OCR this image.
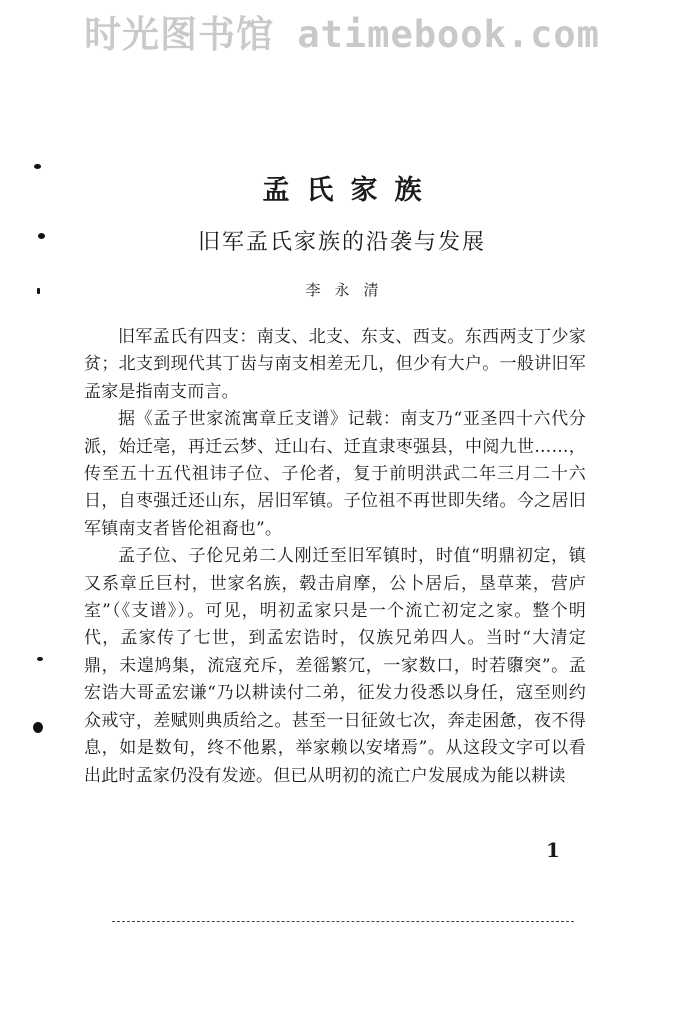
时光图书馆 atimebook.com
孟氏家族
旧军孟氏家族的沿袭与发展
李永清

旧军孟氏有四支：南支、北支、东支、西支。东西两支丁少家贫；北支到现代其丁齿与南支相差无几，但少有大户。一般讲旧军孟家是指南支而言。

据《孟子世家流寓章丘支谱》记载：南支乃“亚圣四十六代分派，始迁亳，再迁云梦、迁山右、迁直隶枣强县，中阅九世……，传至五十五代祖讳子位、子伦者，复于前明洪武二年三月二十六日，自枣强迁还山东，居旧军镇。子位祖不再世即失绪。今之居旧军镇南支者皆伦祖裔也”。

孟子位、子伦兄弟二人刚迁至旧军镇时，时值“明鼎初定，镇又系章丘巨村，世家名族，毂击肩摩，公卜居后，垦草莱，营庐室”（《支谱》）。可见，明初孟家只是一个流亡初定之家。整个明代，孟家传了七世，到孟宏诰时，仅族兄弟四人。当时“大清定鼎，未遑鸠集，流寇充斥，差徭繁冗，一家数口，时若隳突”。孟宏诰大哥孟宏谦“乃以耕读付二弟，征发力役悉以身任，寇至则约众戒守，差赋则典质给之。甚至一日征敛七次，奔走困惫，夜不得息，如是数旬，终不他累，举家赖以安堵焉”。从这段文字可以看出此时孟家仍没有发迹。但已从明初的流亡户发展成为能以耕读

1
